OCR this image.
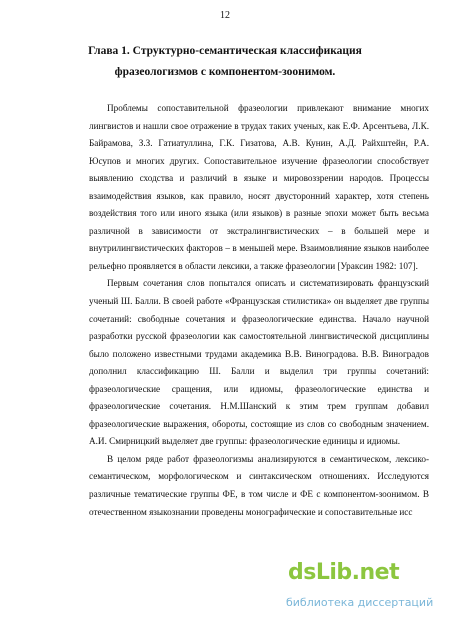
12
Глава 1. Структурно-семантическая классификация фразеологизмов с компонентом-зоонимом.

Проблемы сопоставительной фразеологии привлекают внимание многих лингвистов и нашли свое отражение в трудах таких ученых, как Е.Ф. Арсентьева, Л.К. Байрамова, З.З. Гатиатуллина, Г.К. Гизатова, А.В. Кунин, А.Д. Райхштейн, Р.А. Юсупов и многих других. Сопоставительное изучение фразеологии способствует выявлению сходства и различий в языке и мировоззрении народов. Процессы взаимодействия языков, как правило, носят двусторонний характер, хотя степень воздействия того или иного языка (или языков) в разные эпохи может быть весьма различной в зависимости от экстралингвистических – в большей мере и внутрилингвистических факторов – в меньшей мере. Взаимовлияние языков наиболее рельефно проявляется в области лексики, а также фразеологии [Уракcин 1982: 107].

Первым сочетания слов попытался описать и систематизировать французский ученый Ш. Балли. В своей работе «Французская стилистика» он выделяет две группы сочетаний: свободные сочетания и фразеологические единства. Начало научной разработки русской фразеологии как самостоятельной лингвистической дисциплины было положено известными трудами академика В.В. Виноградова. В.В. Виноградов дополнил классификацию Ш. Балли и выделил три группы сочетаний: фразеологические сращения, или идиомы, фразеологические единства и фразеологические сочетания. Н.М.Шанский к этим трем группам добавил фразеологические выражения, обороты, состоящие из слов со свободным значением. А.И. Смирницкий выделяет две группы: фразеологические единицы и идиомы.

В целом ряде работ фразеологизмы анализируются в семантическом, лексико-семантическом, морфологическом и синтаксическом отношениях. Исследуются различные тематические группы ФЕ, в том числе и ФЕ с компонентом-зоонимом. В отечественном языкознании проведены монографические и сопоставительные исс

dsLib.net
библиотека диссертаций
